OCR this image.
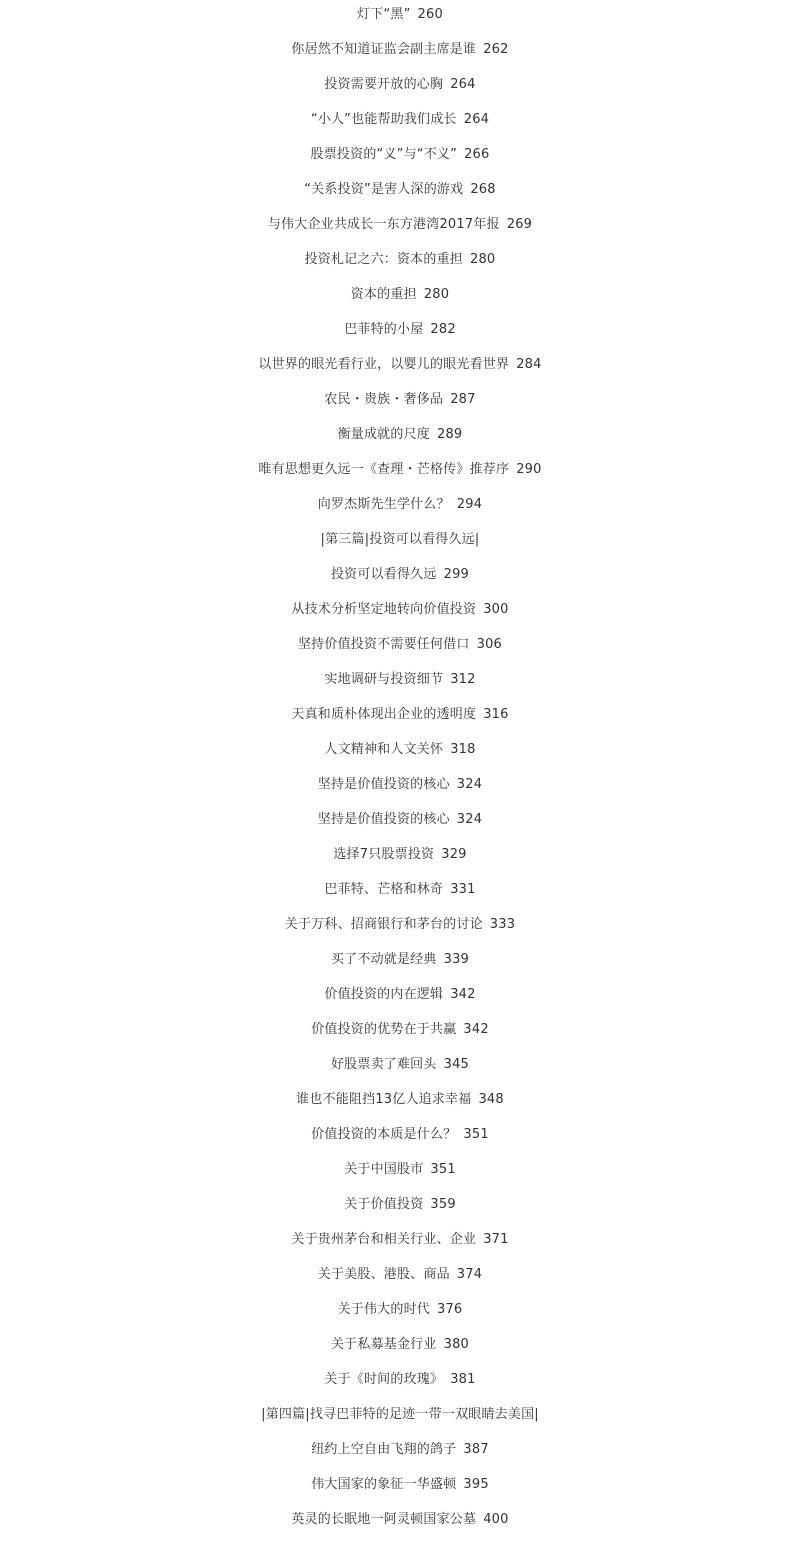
灯下“黑” 260
你居然不知道证监会副主席是谁 262
投资需要开放的心胸 264
“小人”也能帮助我们成长 264
股票投资的“义”与“不义” 266
“关系投资”是害人深的游戏 268
与伟大企业共成长一东方港湾2017年报 269
投资札记之六：资本的重担 280
资本的重担 280
巴菲特的小屋 282
以世界的眼光看行业，以婴儿的眼光看世界 284
农民・贵族・奢侈品 287
衡量成就的尺度 289
唯有思想更久远一《查理・芒格传》推荐序 290
向罗杰斯先生学什么？ 294
|第三篇|投资可以看得久远|
投资可以看得久远 299
从技术分析坚定地转向价值投资 300
坚持价值投资不需要任何借口 306
实地调研与投资细节 312
天真和质朴体现出企业的透明度 316
人文精神和人文关怀 318
坚持是价值投资的核心 324
坚持是价值投资的核心 324
选择7只股票投资 329
巴菲特、芒格和林奇 331
关于万科、招商银行和茅台的讨论 333
买了不动就是经典 339
价值投资的内在逻辑 342
价值投资的优势在于共赢 342
好股票卖了难回头 345
谁也不能阻挡13亿人追求幸福 348
价值投资的本质是什么？ 351
关于中国股市 351
关于价值投资 359
关于贵州茅台和相关行业、企业 371
关于美股、港股、商品 374
关于伟大的时代 376
关于私募基金行业 380
关于《时间的玫瑰》 381
|第四篇|找寻巴菲特的足迹一带一双眼睛去美国|
纽约上空自由飞翔的鸽子 387
伟大国家的象征一华盛顿 395
英灵的长眠地一阿灵顿国家公墓 400
